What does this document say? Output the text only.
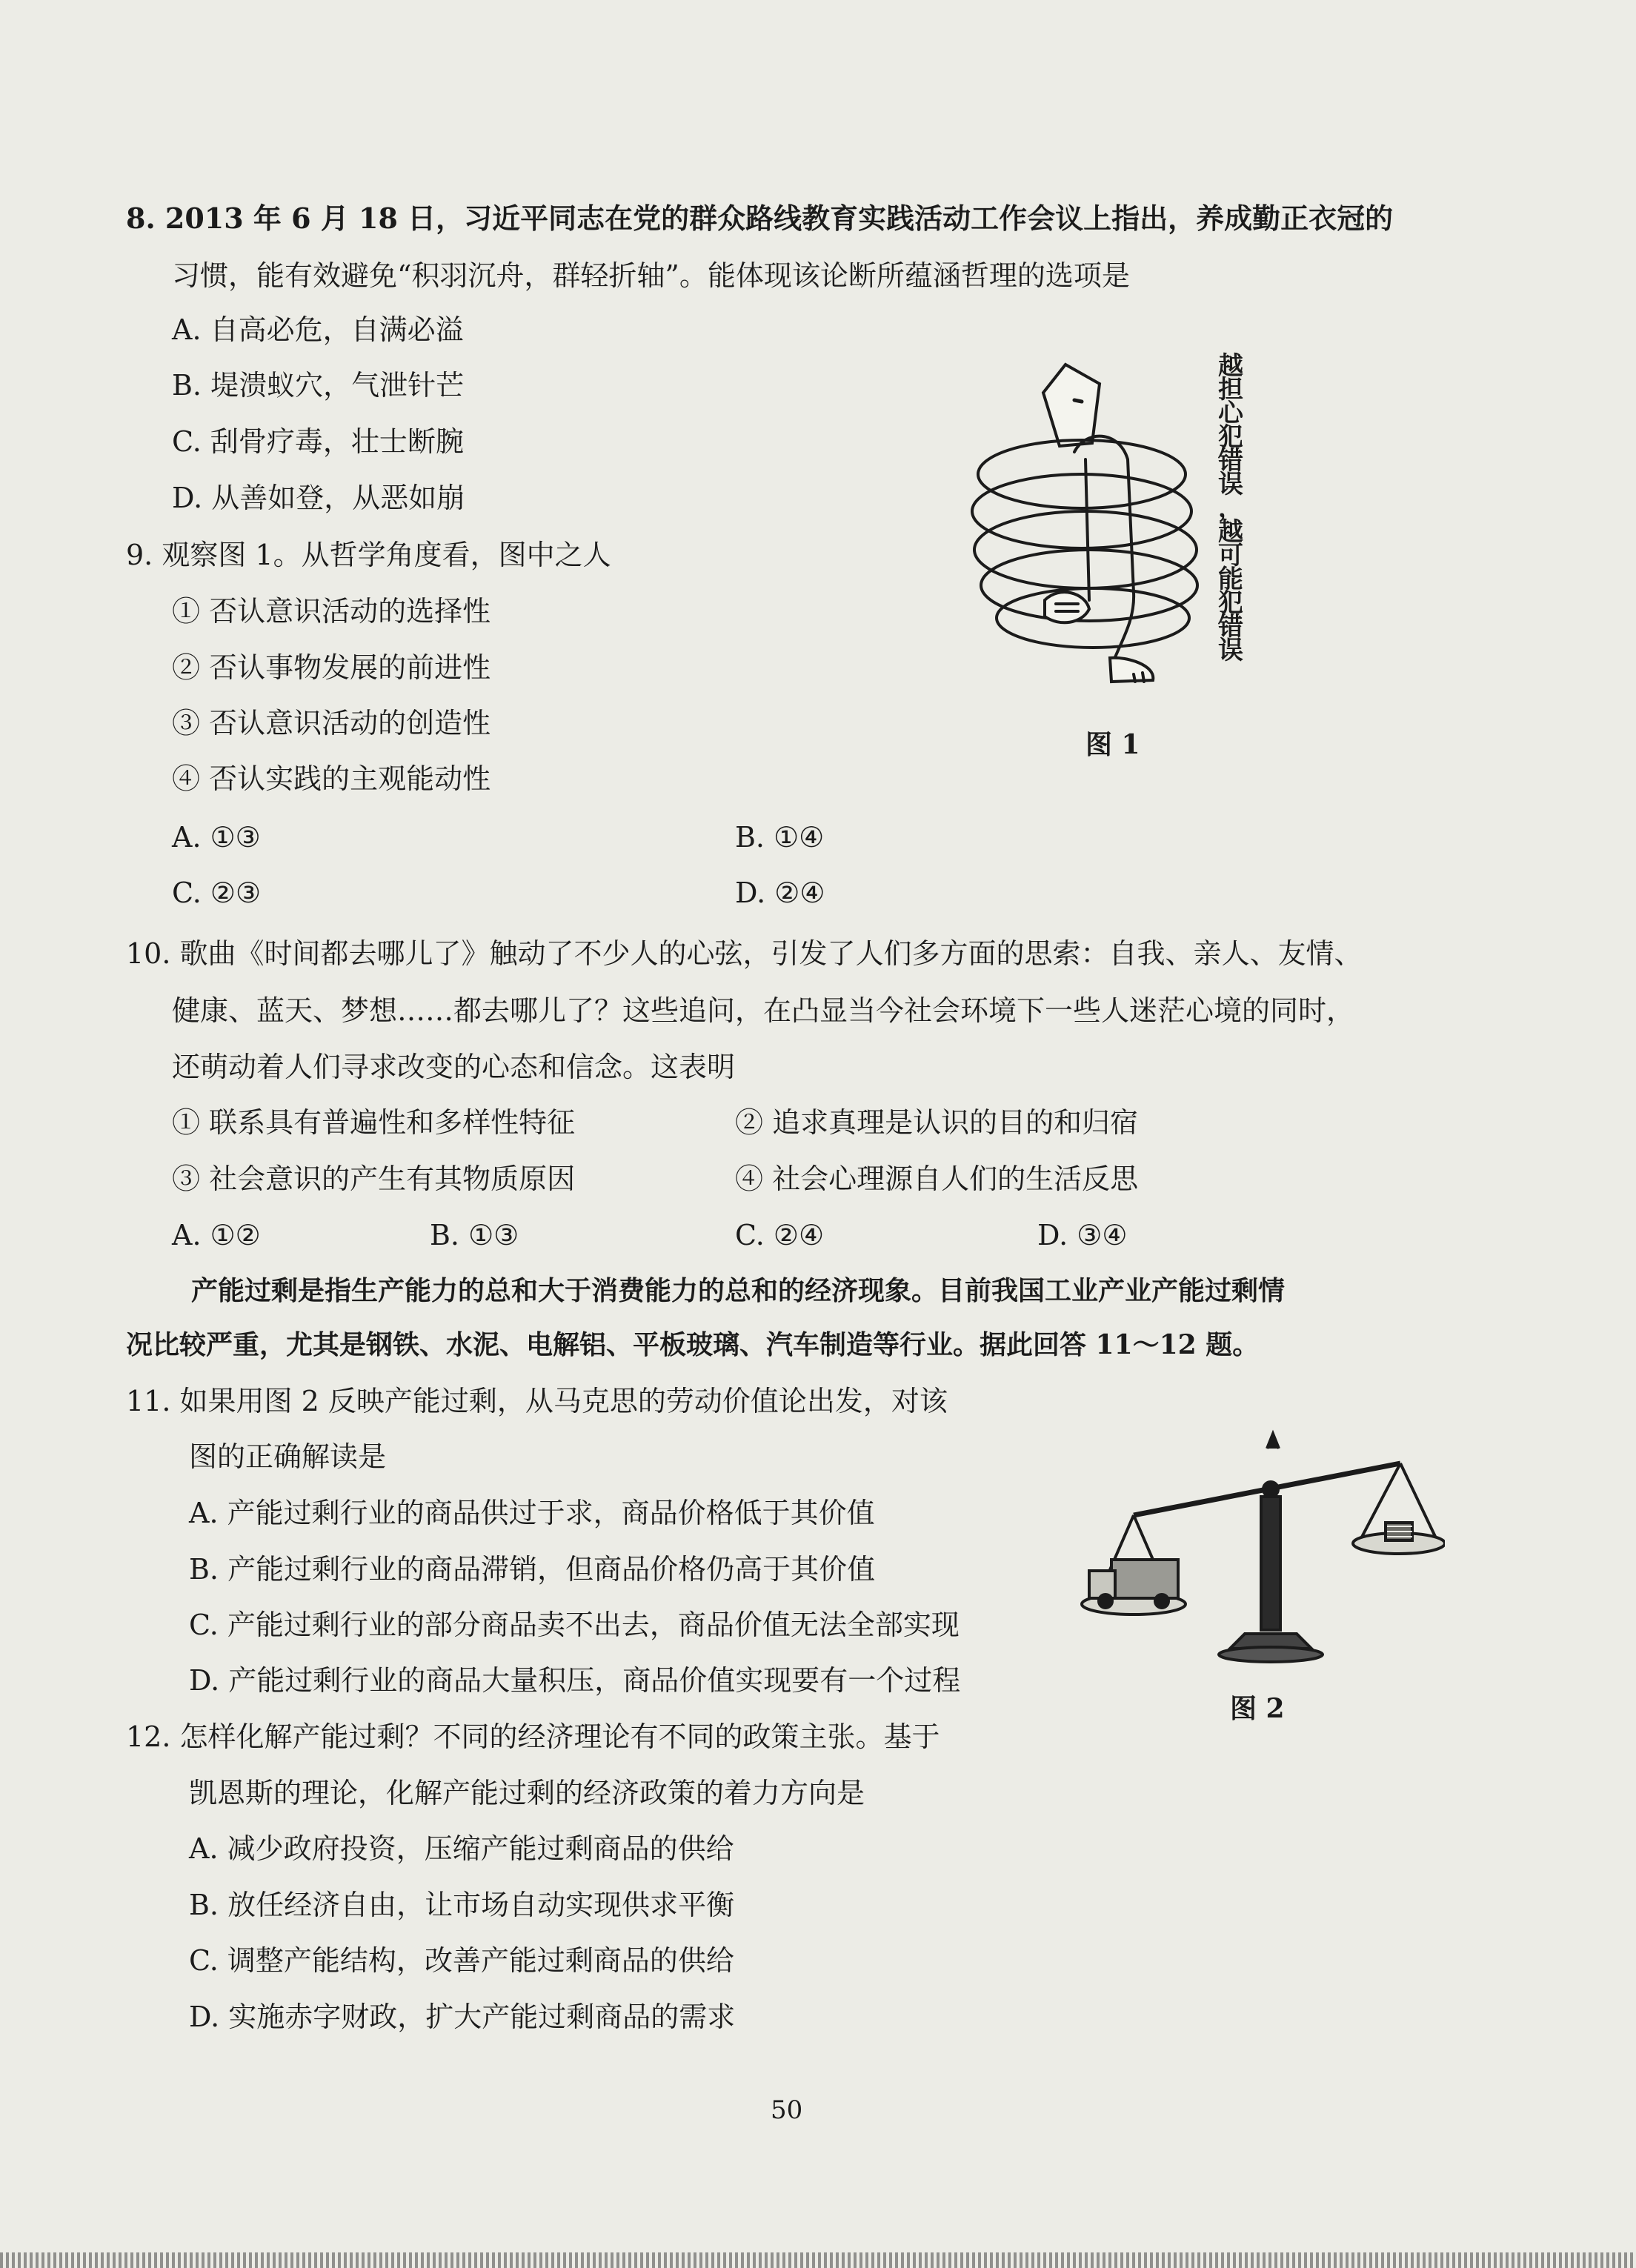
8. 2013 年 6 月 18 日，习近平同志在党的群众路线教育实践活动工作会议上指出，养成勤正衣冠的
习惯，能有效避免“积羽沉舟，群轻折轴”。能体现该论断所蕴涵哲理的选项是
A. 自高必危，自满必溢
B. 堤溃蚁穴，气泄针芒
C. 刮骨疗毒，壮士断腕
D. 从善如登，从恶如崩
9. 观察图 1。从哲学角度看，图中之人
① 否认意识活动的选择性
② 否认事物发展的前进性
③ 否认意识活动的创造性
④ 否认实践的主观能动性
A. ①③	B. ①④
C. ②③	D. ②④
越
担
心
犯
错
误
，
越
可
能
犯
错
误
图 1
10. 歌曲《时间都去哪儿了》触动了不少人的心弦，引发了人们多方面的思索：自我、亲人、友情、
健康、蓝天、梦想……都去哪儿了？这些追问，在凸显当今社会环境下一些人迷茫心境的同时，
还萌动着人们寻求改变的心态和信念。这表明
① 联系具有普遍性和多样性特征	② 追求真理是认识的目的和归宿
③ 社会意识的产生有其物质原因	④ 社会心理源自人们的生活反思
A. ①②	B. ①③	C. ②④	D. ③④
产能过剩是指生产能力的总和大于消费能力的总和的经济现象。目前我国工业产业产能过剩情
况比较严重，尤其是钢铁、水泥、电解铝、平板玻璃、汽车制造等行业。据此回答 11～12 题。
11. 如果用图 2 反映产能过剩，从马克思的劳动价值论出发，对该
图的正确解读是
A. 产能过剩行业的商品供过于求，商品价格低于其价值
B. 产能过剩行业的商品滞销，但商品价格仍高于其价值
C. 产能过剩行业的部分商品卖不出去，商品价值无法全部实现
D. 产能过剩行业的商品大量积压，商品价值实现要有一个过程
图 2
12. 怎样化解产能过剩？不同的经济理论有不同的政策主张。基于
凯恩斯的理论，化解产能过剩的经济政策的着力方向是
A. 减少政府投资，压缩产能过剩商品的供给
B. 放任经济自由，让市场自动实现供求平衡
C. 调整产能结构，改善产能过剩商品的供给
D. 实施赤字财政，扩大产能过剩商品的需求
50
